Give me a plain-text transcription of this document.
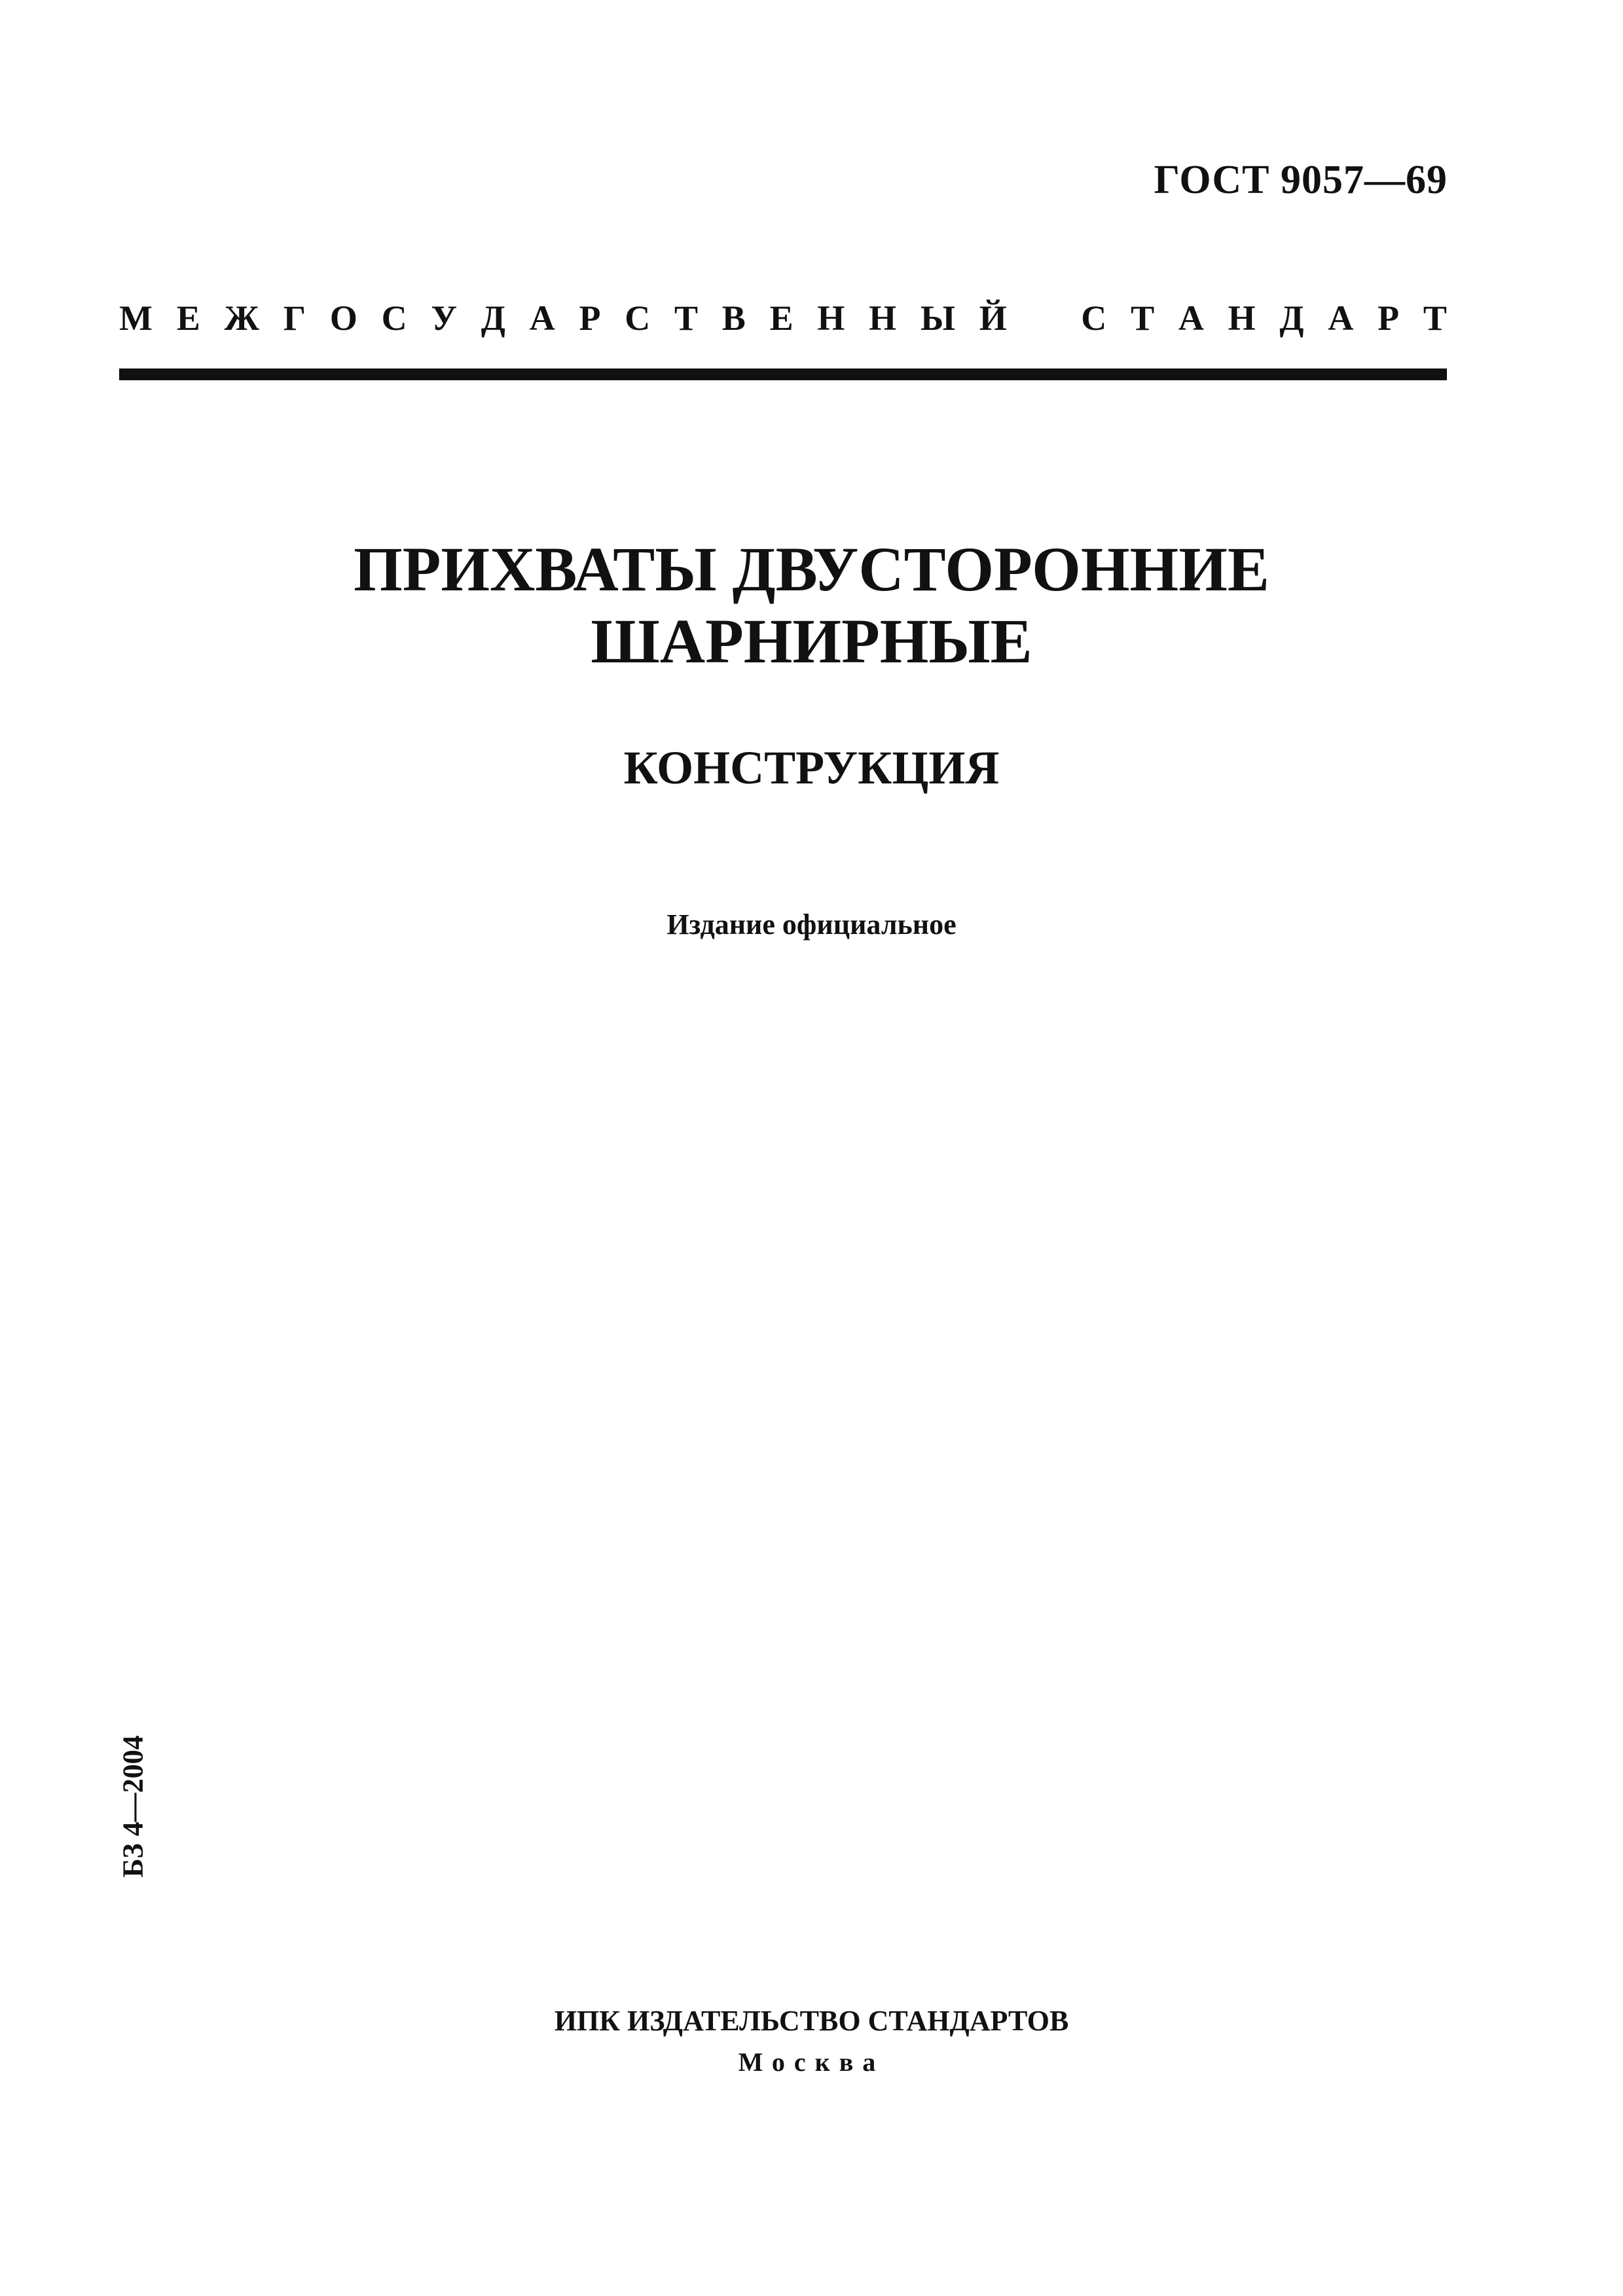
ГОСТ 9057—69
М Е Ж Г О С У Д А Р С Т В Е Н Н Ы Й С Т А Н Д А Р Т
ПРИХВАТЫ ДВУСТОРОННИЕ
ШАРНИРНЫЕ
КОНСТРУКЦИЯ
Издание официальное
БЗ 4—2004
ИПК ИЗДАТЕЛЬСТВО СТАНДАРТОВ
Москва
